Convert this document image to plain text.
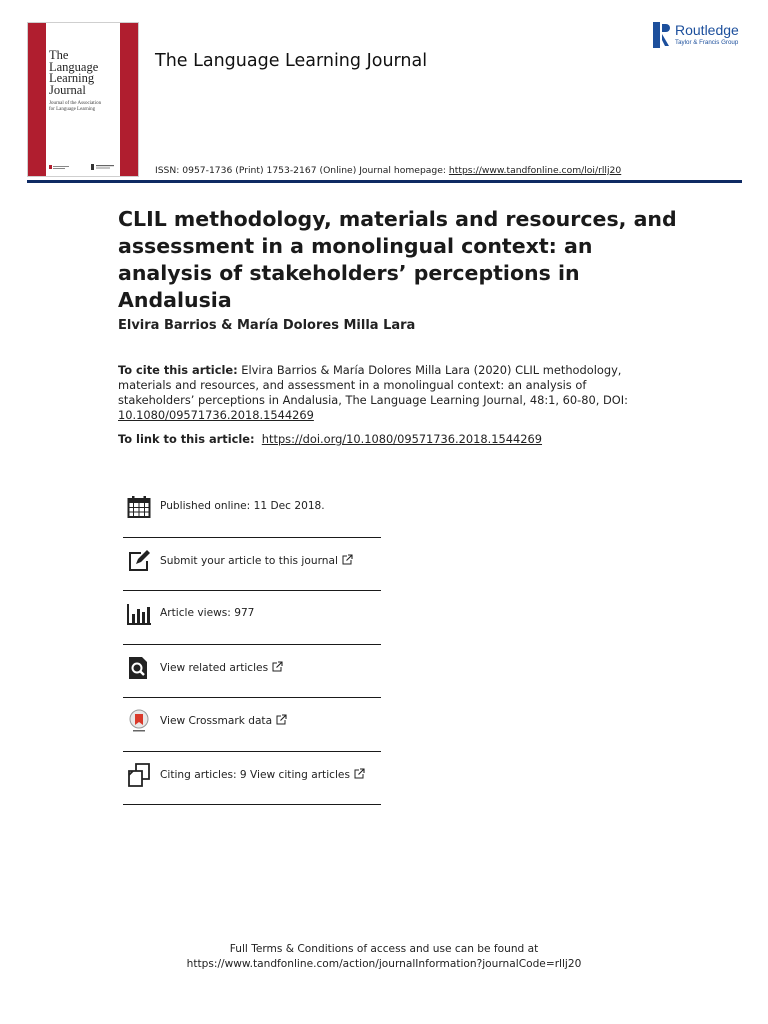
The
Language
Learning
Journal
Journal of the Association
for Language Learning
The Language Learning Journal
ISSN: 0957-1736 (Print) 1753-2167 (Online) Journal homepage: https://www.tandfonline.com/loi/rllj20
Routledge
Taylor & Francis Group
CLIL methodology, materials and resources, and assessment in a monolingual context: an analysis of stakeholders’ perceptions in Andalusia
Elvira Barrios & María Dolores Milla Lara
To cite this article: Elvira Barrios & María Dolores Milla Lara (2020) CLIL methodology, materials and resources, and assessment in a monolingual context: an analysis of stakeholders’ perceptions in Andalusia, The Language Learning Journal, 48:1, 60-80, DOI: 10.1080/09571736.2018.1544269
To link to this article: https://doi.org/10.1080/09571736.2018.1544269
Published online: 11 Dec 2018.
Submit your article to this journal
Article views: 977
View related articles
View Crossmark data
Citing articles: 9 View citing articles
Full Terms & Conditions of access and use can be found at
https://www.tandfonline.com/action/journalInformation?journalCode=rllj20
